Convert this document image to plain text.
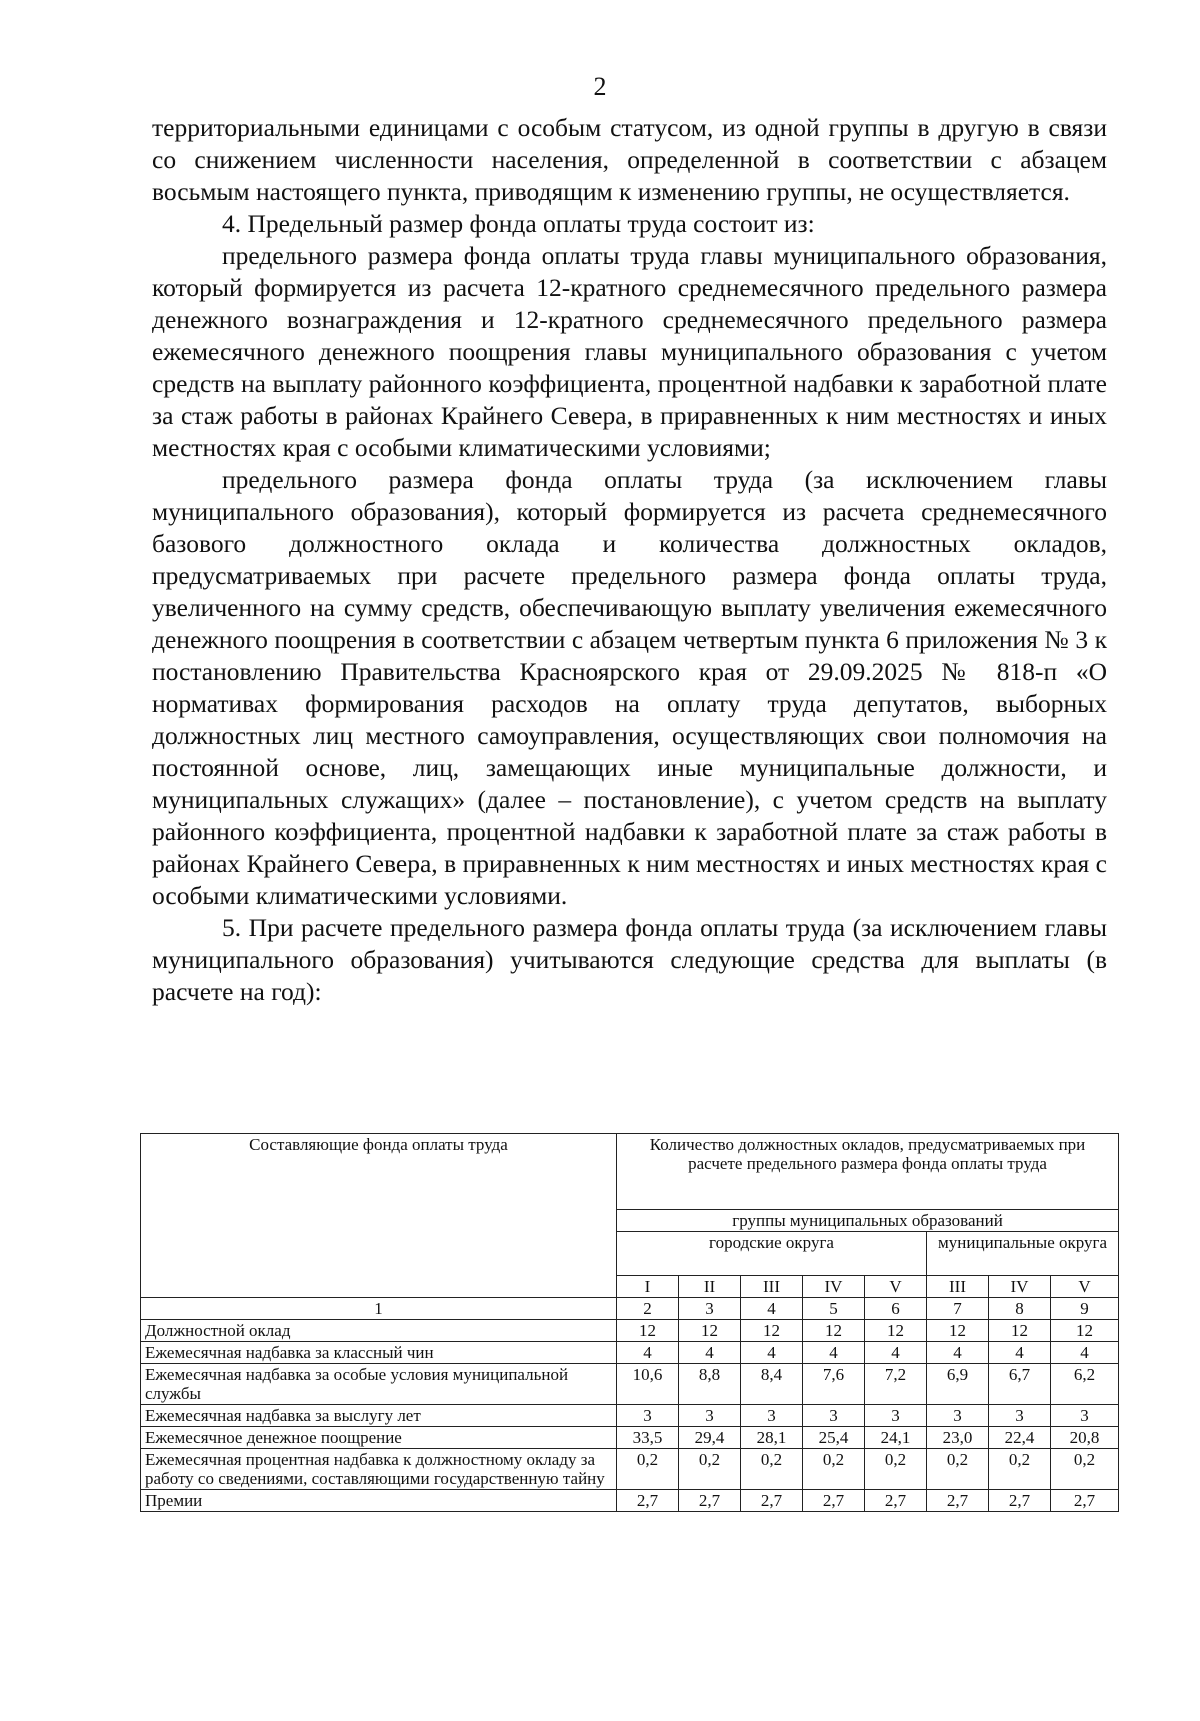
2

территориальными единицами с особым статусом, из одной группы в другую в связи со снижением численности населения, определенной в соответствии с абзацем восьмым настоящего пункта, приводящим к изменению группы, не осуществляется.

4. Предельный размер фонда оплаты труда состоит из:

предельного размера фонда оплаты труда главы муниципального образования, который формируется из расчета 12-кратного среднемесячного предельного размера денежного вознаграждения и 12-кратного среднемесячного предельного размера ежемесячного денежного поощрения главы муниципального образования с учетом средств на выплату районного коэффициента, процентной надбавки к заработной плате за стаж работы в районах Крайнего Севера, в приравненных к ним местностях и иных местностях края с особыми климатическими условиями;

предельного размера фонда оплаты труда (за исключением главы муниципального образования), который формируется из расчета среднемесячного базового должностного оклада и количества должностных окладов, предусматриваемых при расчете предельного размера фонда оплаты труда, увеличенного на сумму средств, обеспечивающую выплату увеличения ежемесячного денежного поощрения в соответствии с абзацем четвертым пункта 6 приложения № 3 к постановлению Правительства Красноярского края от 29.09.2025 № 818-п «О нормативах формирования расходов на оплату труда депутатов, выборных должностных лиц местного самоуправления, осуществляющих свои полномочия на постоянной основе, лиц, замещающих иные муниципальные должности, и муниципальных служащих» (далее – постановление), с учетом средств на выплату районного коэффициента, процентной надбавки к заработной плате за стаж работы в районах Крайнего Севера, в приравненных к ним местностях и иных местностях края с особыми климатическими условиями.

5. При расчете предельного размера фонда оплаты труда (за исключением главы муниципального образования) учитываются следующие средства для выплаты (в расчете на год):

Составляющие фонда оплаты труда	Количество должностных окладов, предусматриваемых при расчете предельного размера фонда оплаты труда							
	группы муниципальных образований							
	городские округа					муниципальные округа		
	I	II	III	IV	V	III	IV	V
1	2	3	4	5	6	7	8	9
Должностной оклад	12	12	12	12	12	12	12	12
Ежемесячная надбавка за классный чин	4	4	4	4	4	4	4	4
Ежемесячная надбавка за особые условия муниципальной службы	10,6	8,8	8,4	7,6	7,2	6,9	6,7	6,2
Ежемесячная надбавка за выслугу лет	3	3	3	3	3	3	3	3
Ежемесячное денежное поощрение	33,5	29,4	28,1	25,4	24,1	23,0	22,4	20,8
Ежемесячная процентная надбавка к должностному окладу за работу со сведениями, составляющими государственную тайну	0,2	0,2	0,2	0,2	0,2	0,2	0,2	0,2
Премии	2,7	2,7	2,7	2,7	2,7	2,7	2,7	2,7
